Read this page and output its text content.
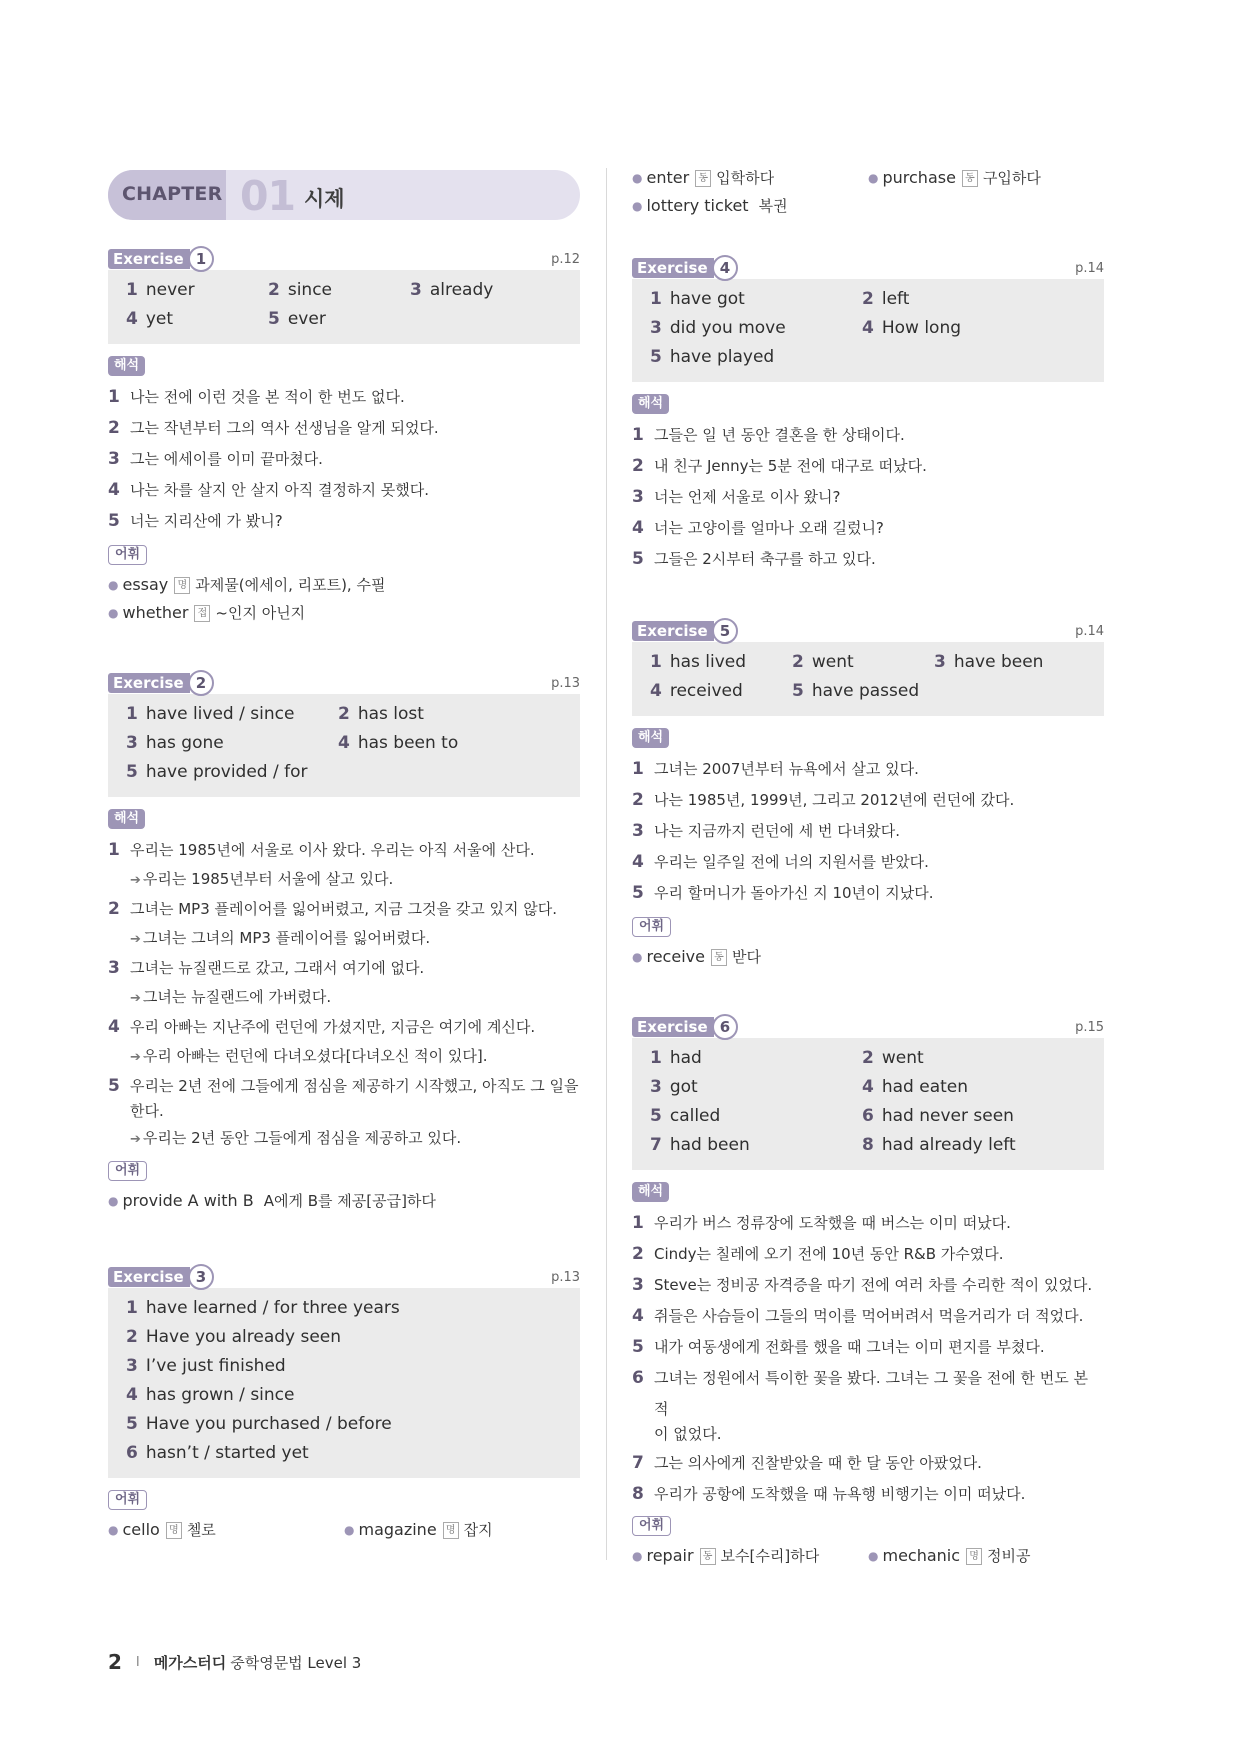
CHAPTER 01 시제
Exercise 1	p.12
1 never	2 since	3 already
4 yet	5 ever
해석
1 나는 전에 이런 것을 본 적이 한 번도 없다.
2 그는 작년부터 그의 역사 선생님을 알게 되었다.
3 그는 에세이를 이미 끝마쳤다.
4 나는 차를 살지 안 살지 아직 결정하지 못했다.
5 너는 지리산에 가 봤니?
어휘
● essay 명 과제물(에세이, 리포트), 수필
● whether 접 ~인지 아닌지
Exercise 2	p.13
1 have lived / since	2 has lost
3 has gone	4 has been to
5 have provided / for
해석
1 우리는 1985년에 서울로 이사 왔다. 우리는 아직 서울에 산다.
➔ 우리는 1985년부터 서울에 살고 있다.
2 그녀는 MP3 플레이어를 잃어버렸고, 지금 그것을 갖고 있지 않다.
➔ 그녀는 그녀의 MP3 플레이어를 잃어버렸다.
3 그녀는 뉴질랜드로 갔고, 그래서 여기에 없다.
➔ 그녀는 뉴질랜드에 가버렸다.
4 우리 아빠는 지난주에 런던에 가셨지만, 지금은 여기에 계신다.
➔ 우리 아빠는 런던에 다녀오셨다[다녀오신 적이 있다].
5 우리는 2년 전에 그들에게 점심을 제공하기 시작했고, 아직도 그 일을
한다.
➔ 우리는 2년 동안 그들에게 점심을 제공하고 있다.
어휘
● provide A with B A에게 B를 제공[공급]하다
Exercise 3	p.13
1 have learned / for three years
2 Have you already seen
3 I’ve just finished
4 has grown / since
5 Have you purchased / before
6 hasn’t / started yet
어휘
● cello 명 첼로	● magazine 명 잡지
● enter 동 입학하다	● purchase 동 구입하다
● lottery ticket 복권
Exercise 4	p.14
1 have got	2 left
3 did you move	4 How long
5 have played
해석
1 그들은 일 년 동안 결혼을 한 상태이다.
2 내 친구 Jenny는 5분 전에 대구로 떠났다.
3 너는 언제 서울로 이사 왔니?
4 너는 고양이를 얼마나 오래 길렀니?
5 그들은 2시부터 축구를 하고 있다.
Exercise 5	p.14
1 has lived	2 went	3 have been
4 received	5 have passed
해석
1 그녀는 2007년부터 뉴욕에서 살고 있다.
2 나는 1985년, 1999년, 그리고 2012년에 런던에 갔다.
3 나는 지금까지 런던에 세 번 다녀왔다.
4 우리는 일주일 전에 너의 지원서를 받았다.
5 우리 할머니가 돌아가신 지 10년이 지났다.
어휘
● receive 동 받다
Exercise 6	p.15
1 had	2 went
3 got	4 had eaten
5 called	6 had never seen
7 had been	8 had already left
해석
1 우리가 버스 정류장에 도착했을 때 버스는 이미 떠났다.
2 Cindy는 칠레에 오기 전에 10년 동안 R&B 가수였다.
3 Steve는 정비공 자격증을 따기 전에 여러 차를 수리한 적이 있었다.
4 쥐들은 사슴들이 그들의 먹이를 먹어버려서 먹을거리가 더 적었다.
5 내가 여동생에게 전화를 했을 때 그녀는 이미 편지를 부쳤다.
6 그녀는 정원에서 특이한 꽃을 봤다. 그녀는 그 꽃을 전에 한 번도 본 적
이 없었다.
7 그는 의사에게 진찰받았을 때 한 달 동안 아팠었다.
8 우리가 공항에 도착했을 때 뉴욕행 비행기는 이미 떠났다.
어휘
● repair 동 보수[수리]하다	● mechanic 명 정비공
2 I 메가스터디 중학영문법 Level 3
